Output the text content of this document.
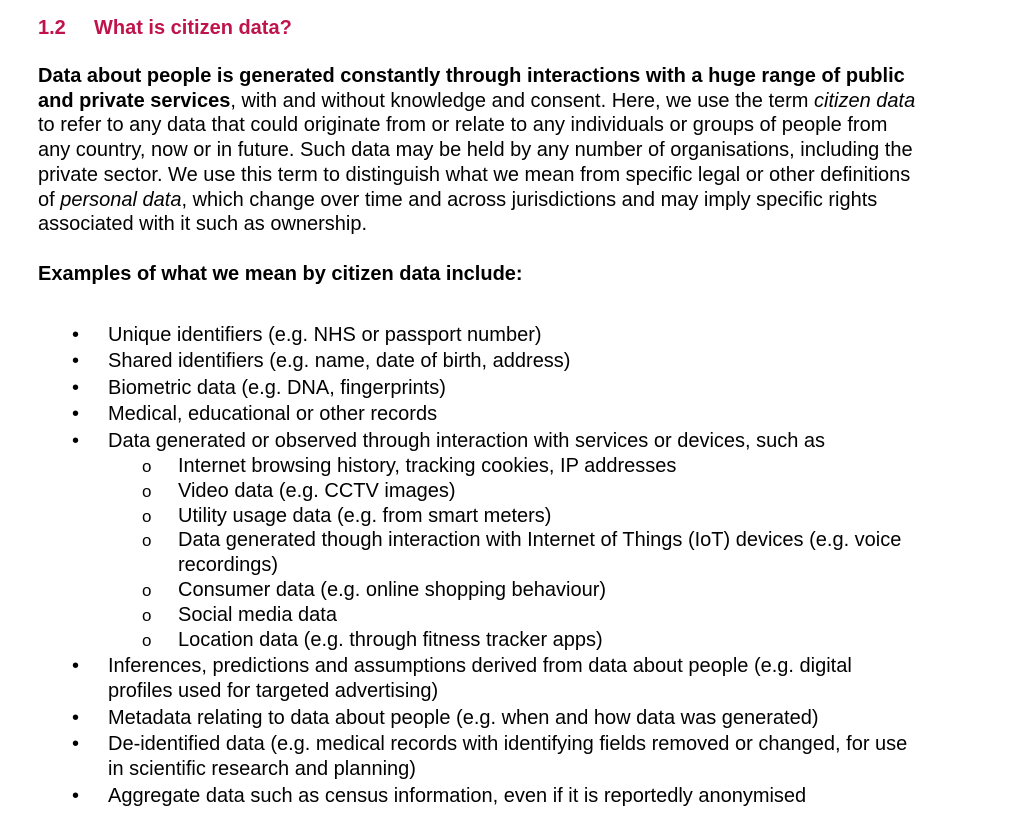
1.2 What is citizen data?

Data about people is generated constantly through interactions with a huge range of public and private services, with and without knowledge and consent. Here, we use the term citizen data to refer to any data that could originate from or relate to any individuals or groups of people from any country, now or in future. Such data may be held by any number of organisations, including the private sector. We use this term to distinguish what we mean from specific legal or other definitions of personal data, which change over time and across jurisdictions and may imply specific rights associated with it such as ownership.

Examples of what we mean by citizen data include:
• Unique identifiers (e.g. NHS or passport number)
• Shared identifiers (e.g. name, date of birth, address)
• Biometric data (e.g. DNA, fingerprints)
• Medical, educational or other records
• Data generated or observed through interaction with services or devices, such as
o Internet browsing history, tracking cookies, IP addresses
o Video data (e.g. CCTV images)
o Utility usage data (e.g. from smart meters)
o Data generated though interaction with Internet of Things (IoT) devices (e.g. voice recordings)
o Consumer data (e.g. online shopping behaviour)
o Social media data
o Location data (e.g. through fitness tracker apps)
• Inferences, predictions and assumptions derived from data about people (e.g. digital profiles used for targeted advertising)
• Metadata relating to data about people (e.g. when and how data was generated)
• De-identified data (e.g. medical records with identifying fields removed or changed, for use in scientific research and planning)
• Aggregate data such as census information, even if it is reportedly anonymised
